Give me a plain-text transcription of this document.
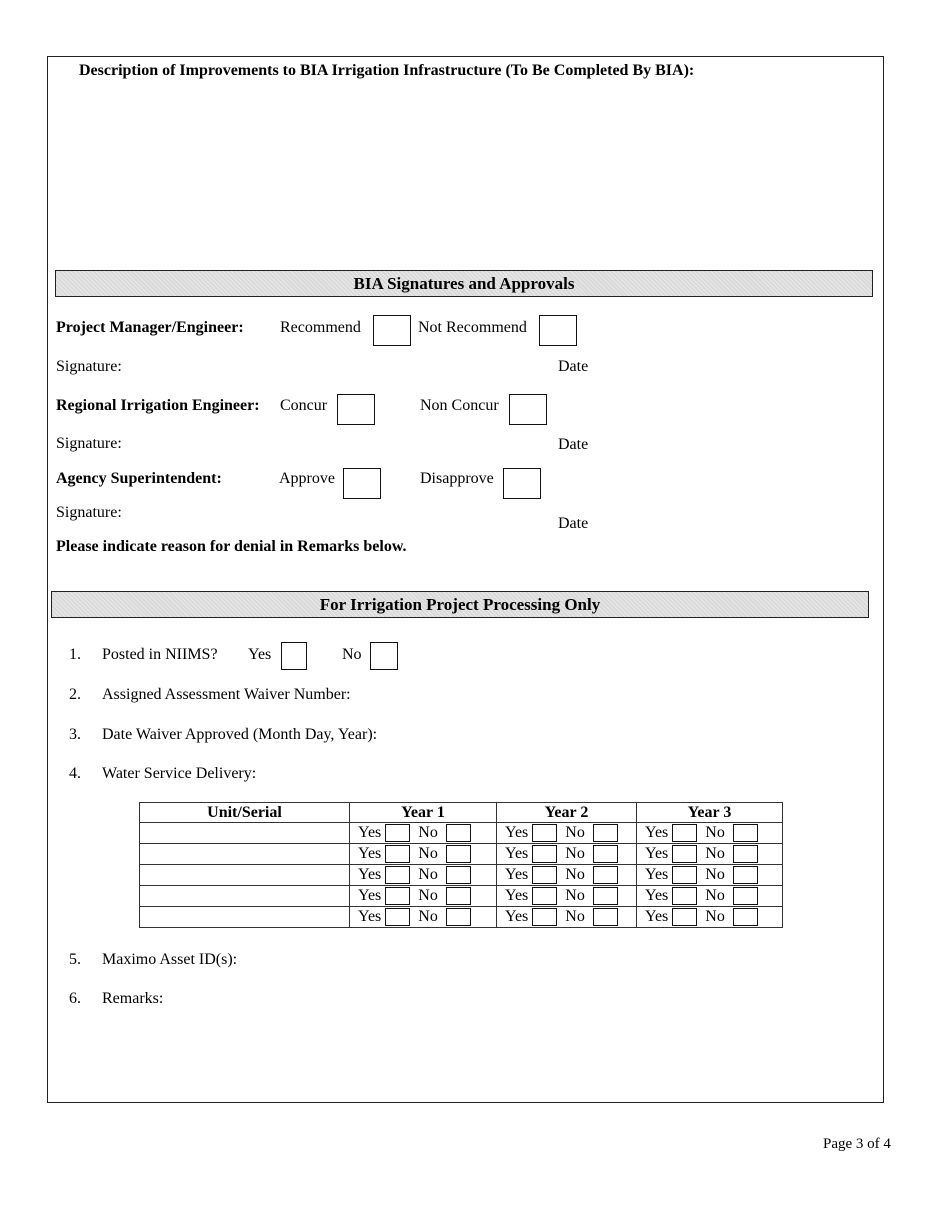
Description of Improvements to BIA Irrigation Infrastructure (To Be Completed By BIA):
BIA Signatures and Approvals
Project Manager/Engineer: Recommend	Not Recommend
Signature:	Date
Regional Irrigation Engineer: Concur	Non Concur
Signature:	Date
Agency Superintendent:	Approve	Disapprove
Signature:
Date
Please indicate reason for denial in Remarks below.
For Irrigation Project Processing Only
1. Posted in NIIMS? Yes	No
2. Assigned Assessment Waiver Number:
3. Date Waiver Approved (Month Day, Year):
4. Water Service Delivery:
Unit/Serial	Year 1	Year 2	Year 3

	Yes No	Yes No	Yes No

	Yes No	Yes No	Yes No

	Yes No	Yes No	Yes No

	Yes No	Yes No	Yes No

	Yes No	Yes No	Yes No
5. Maximo Asset ID(s):
6. Remarks:
Page 3 of 4
